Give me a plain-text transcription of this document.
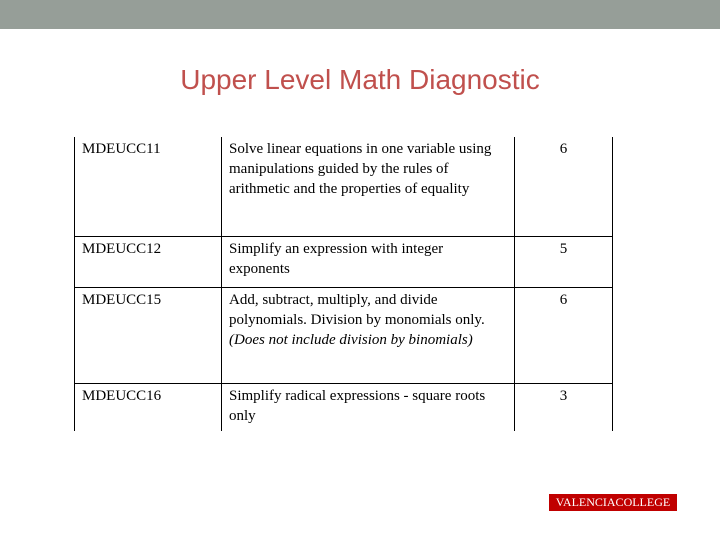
Upper Level Math Diagnostic
MDEUCC11	Solve linear equations in one variable using manipulations guided by the rules of arithmetic and the properties of equality	6
MDEUCC12	Simplify an expression with integer exponents	5
MDEUCC15	Add, subtract, multiply, and divide polynomials. Division by monomials only. (Does not include division by binomials)	6
MDEUCC16	Simplify radical expressions - square roots only	3
VALENCIACOLLEGE
